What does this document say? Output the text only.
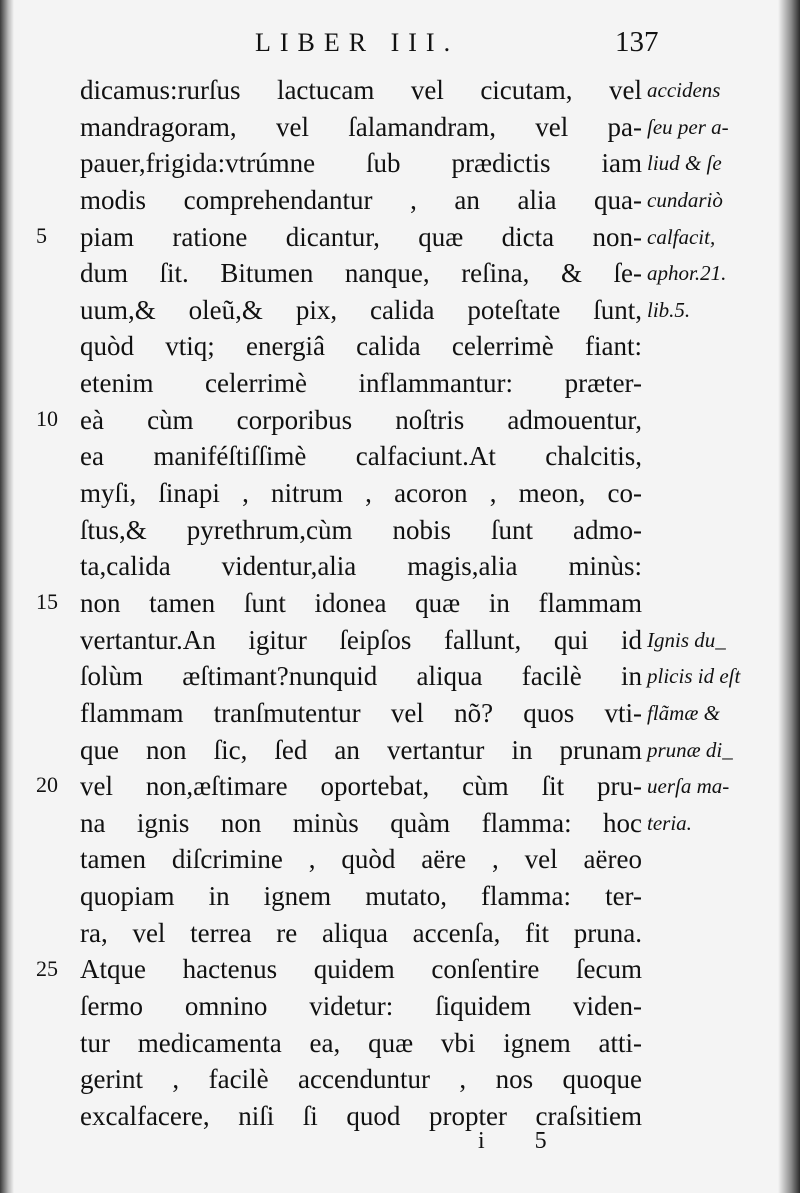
LIBER III.	137
5
10
15
20
25
dicamus:rurſus lactucam vel cicutam, vel
mandragoram, vel ſalamandram, vel pa-
pauer,frigida:vtrúmne ſub prædictis iam
modis comprehendantur , an alia qua-
piam ratione dicantur, quæ dicta non-
dum ſit. Bitumen nanque, reſina, & ſe-
uum,& oleũ,& pix, calida poteſtate ſunt,
quòd vtiq; energiâ calida celerrimè fiant:
etenim celerrimè inflammantur: præter-
eà cùm corporibus noſtris admouentur,
ea maniféſtiſſimè calfaciunt.At chalcitis,
myſi, ſinapi , nitrum , acoron , meon, co-
ſtus,& pyrethrum,cùm nobis ſunt admo-
ta,calida videntur,alia magis,alia minùs:
non tamen ſunt idonea quæ in flammam
vertantur.An igitur ſeipſos fallunt, qui id
ſolùm æſtimant?nunquid aliqua facilè in
flammam tranſmutentur vel nõ? quos vti-
que non ſic, ſed an vertantur in prunam
vel non,æſtimare oportebat, cùm ſit pru-
na ignis non minùs quàm flamma: hoc
tamen diſcrimine , quòd aëre , vel aëreo
quopiam in ignem mutato, flamma: ter-
ra, vel terrea re aliqua accenſa, fit pruna.
Atque hactenus quidem conſentire ſecum
ſermo omnino videtur: ſiquidem viden-
tur medicamenta ea, quæ vbi ignem atti-
gerint , facilè accenduntur , nos quoque
excalfacere, niſi ſi quod propter craſsitiem
accidens
ſeu per a-
liud & ſe
cundariò
calfacit,
aphor.21.
lib.5.
Ignis du_
plicis id eſt
flãmæ &
prunæ di_
uerſa ma-
teria.
i 5
